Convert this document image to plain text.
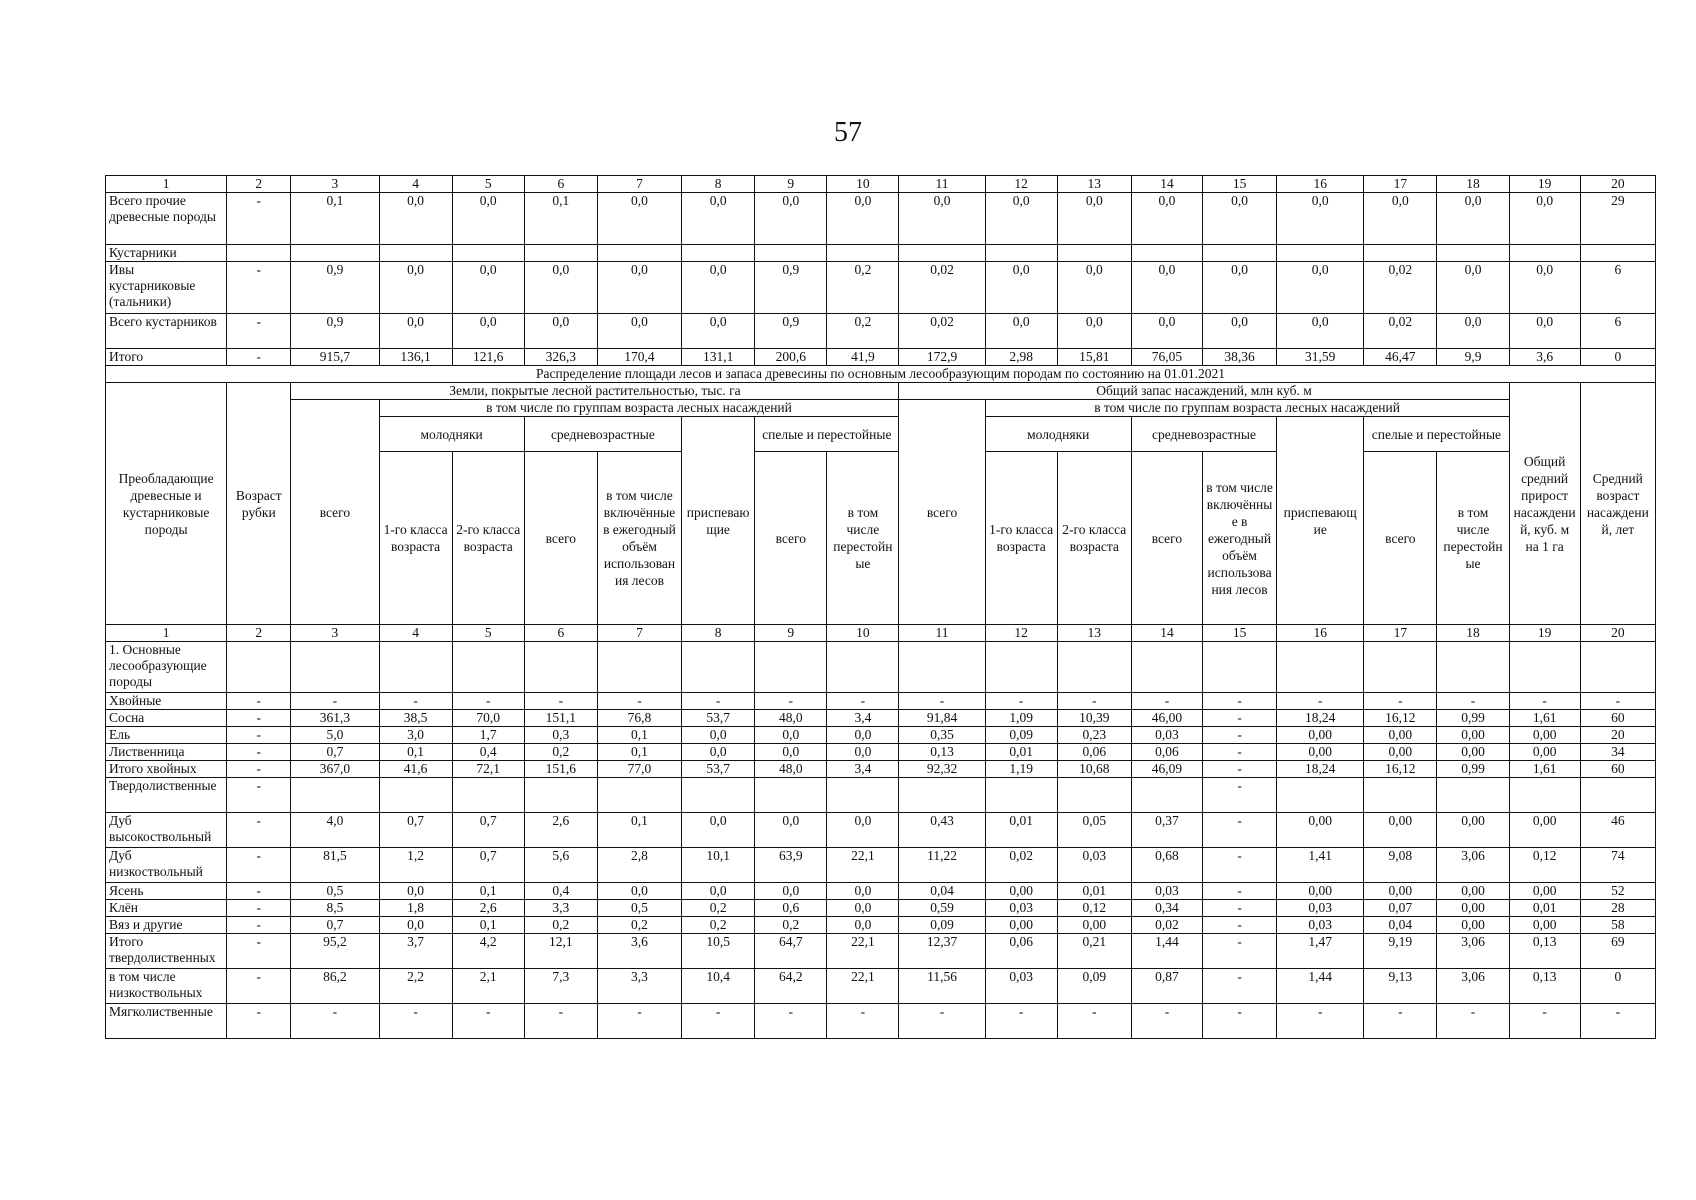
57
1	2	3	4	5	6	7	8	9	10	11	12	13	14	15	16	17	18	19	20
Всего прочие древесные породы	-	0,1	0,0	0,0	0,1	0,0	0,0	0,0	0,0	0,0	0,0	0,0	0,0	0,0	0,0	0,0	0,0	0,0	29
Кустарники																			
Ивы кустарниковые (тальники)	-	0,9	0,0	0,0	0,0	0,0	0,0	0,9	0,2	0,02	0,0	0,0	0,0	0,0	0,0	0,02	0,0	0,0	6
Всего кустарников	-	0,9	0,0	0,0	0,0	0,0	0,0	0,9	0,2	0,02	0,0	0,0	0,0	0,0	0,0	0,02	0,0	0,0	6
Итого	-	915,7	136,1	121,6	326,3	170,4	131,1	200,6	41,9	172,9	2,98	15,81	76,05	38,36	31,59	46,47	9,9	3,6	0
Распределение площади лесов и запаса древесины по основным лесообразующим породам по состоянию на 01.01.2021																			
Преобладающие древесные и кустарниковые породы	Возраст рубки	Земли, покрытые лесной растительностью, тыс. га								Общий запас насаждений, млн куб. м								Общий средний прирост насаждений, куб. м на 1 га	Средний возраст насаждений, лет
		всего	в том числе по группам возраста лесных насаждений							всего	в том числе по группам возраста лесных насаждений								
			молодняки		средневозрастные		приспевающие	спелые и перестойные			молодняки		средневозрастные		приспевающие	спелые и перестойные			
			1-го класса возраста	2-го класса возраста	всего	в том числе включённые в ежегодный объём использования лесов		всего	в том числе перестойные		1-го класса возраста	2-го класса возраста	всего	в том числе включённые в ежегодный объём использования лесов		всего	в том числе перестойные		
1	2	3	4	5	6	7	8	9	10	11	12	13	14	15	16	17	18	19	20
1. Основные лесообразующие породы																			
Хвойные	-	-	-	-	-	-	-	-	-	-	-	-	-	-	-	-	-	-	-
Сосна	-	361,3	38,5	70,0	151,1	76,8	53,7	48,0	3,4	91,84	1,09	10,39	46,00	-	18,24	16,12	0,99	1,61	60
Ель	-	5,0	3,0	1,7	0,3	0,1	0,0	0,0	0,0	0,35	0,09	0,23	0,03	-	0,00	0,00	0,00	0,00	20
Лиственница	-	0,7	0,1	0,4	0,2	0,1	0,0	0,0	0,0	0,13	0,01	0,06	0,06	-	0,00	0,00	0,00	0,00	34
Итого хвойных	-	367,0	41,6	72,1	151,6	77,0	53,7	48,0	3,4	92,32	1,19	10,68	46,09	-	18,24	16,12	0,99	1,61	60
Твердолиственные	-													-					
Дуб высокоствольный	-	4,0	0,7	0,7	2,6	0,1	0,0	0,0	0,0	0,43	0,01	0,05	0,37	-	0,00	0,00	0,00	0,00	46
Дуб низкоствольный	-	81,5	1,2	0,7	5,6	2,8	10,1	63,9	22,1	11,22	0,02	0,03	0,68	-	1,41	9,08	3,06	0,12	74
Ясень	-	0,5	0,0	0,1	0,4	0,0	0,0	0,0	0,0	0,04	0,00	0,01	0,03	-	0,00	0,00	0,00	0,00	52
Клён	-	8,5	1,8	2,6	3,3	0,5	0,2	0,6	0,0	0,59	0,03	0,12	0,34	-	0,03	0,07	0,00	0,01	28
Вяз и другие	-	0,7	0,0	0,1	0,2	0,2	0,2	0,2	0,0	0,09	0,00	0,00	0,02	-	0,03	0,04	0,00	0,00	58
Итого твердолиственных	-	95,2	3,7	4,2	12,1	3,6	10,5	64,7	22,1	12,37	0,06	0,21	1,44	-	1,47	9,19	3,06	0,13	69
в том числе низкоствольных	-	86,2	2,2	2,1	7,3	3,3	10,4	64,2	22,1	11,56	0,03	0,09	0,87	-	1,44	9,13	3,06	0,13	0
Мягколиственные	-	-	-	-	-	-	-	-	-	-	-	-	-	-	-	-	-	-	-
